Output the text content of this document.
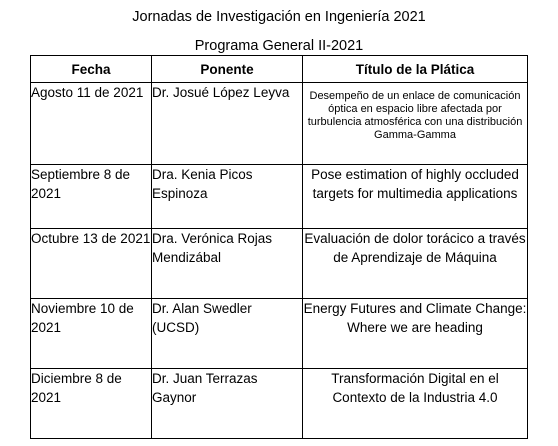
Jornadas de Investigación en Ingeniería 2021
Programa General II-2021
Fecha	Ponente	Título de la Plática
Agosto 11 de 2021	Dr. Josué López Leyva	Desempeño de un enlace de comunicación óptica en espacio libre afectada por turbulencia atmosférica con una distribución Gamma-Gamma
Septiembre 8 de 2021	Dra. Kenia Picos Espinoza	Pose estimation of highly occluded targets for multimedia applications
Octubre 13 de 2021	Dra. Verónica Rojas Mendizábal	Evaluación de dolor torácico a través de Aprendizaje de Máquina
Noviembre 10 de 2021	Dr. Alan Swedler (UCSD)	Energy Futures and Climate Change: Where we are heading
Diciembre 8 de 2021	Dr. Juan Terrazas Gaynor	Transformación Digital en el Contexto de la Industria 4.0
